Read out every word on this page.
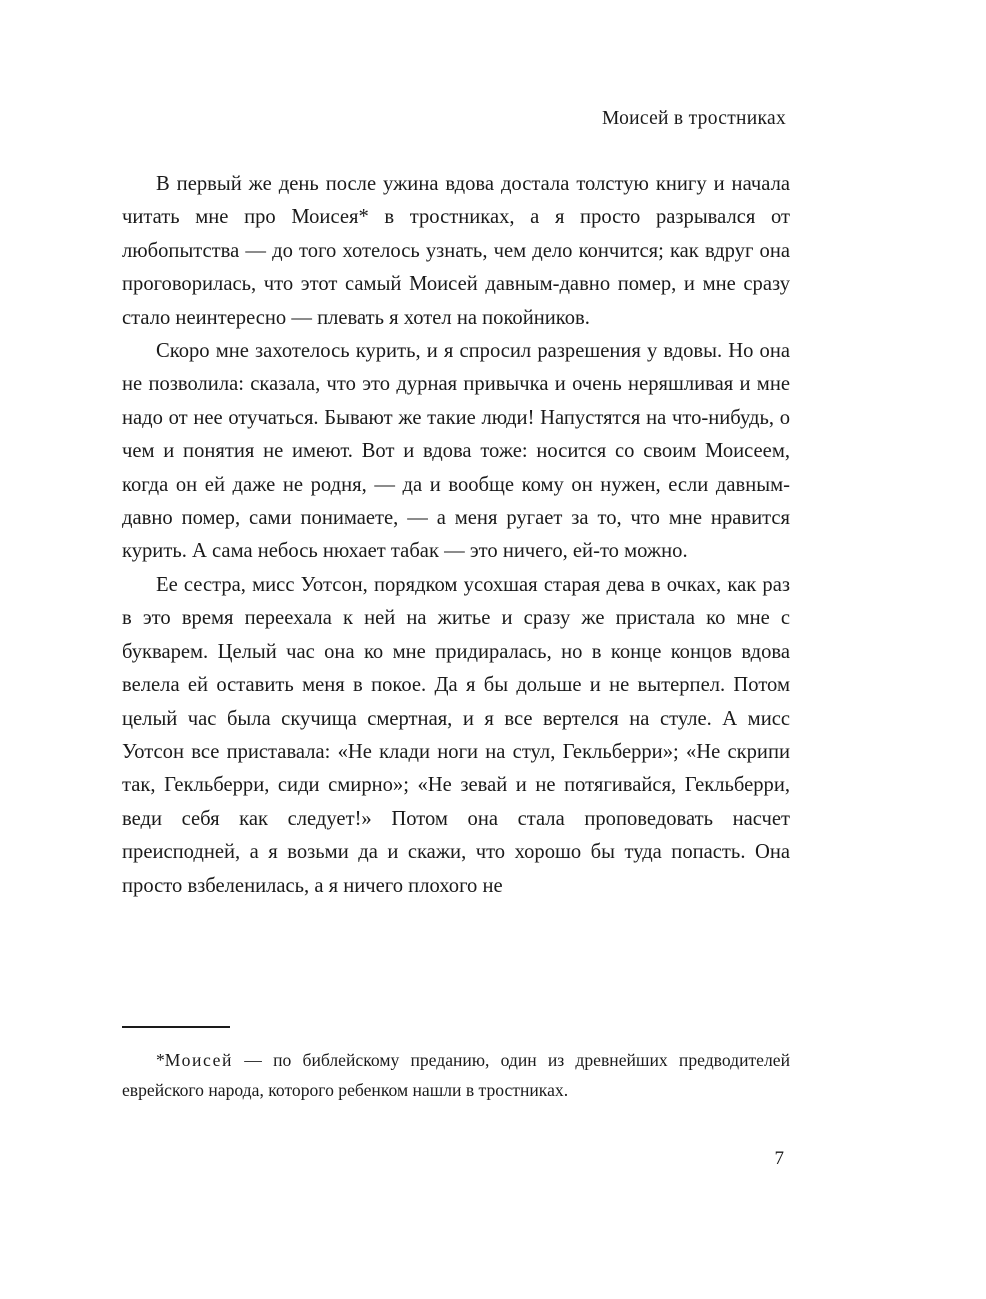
Моисей в тростниках

В первый же день после ужина вдова достала толстую книгу и начала читать мне про Моисея* в тростниках, а я просто разрывался от любопытства — до того хотелось узнать, чем дело кончится; как вдруг она проговорилась, что этот самый Моисей давным-давно помер, и мне сразу стало неинтересно — плевать я хотел на покойников.

Скоро мне захотелось курить, и я спросил разрешения у вдовы. Но она не позволила: сказала, что это дурная привычка и очень неряшливая и мне надо от нее отучаться. Бывают же такие люди! Напустятся на что-нибудь, о чем и понятия не имеют. Вот и вдова тоже: носится со своим Моисеем, когда он ей даже не родня, — да и вообще кому он нужен, если давным-давно помер, сами понимаете, — а меня ругает за то, что мне нравится курить. А сама небось нюхает табак — это ничего, ей-то можно.

Ее сестра, мисс Уотсон, порядком усохшая старая дева в очках, как раз в это время переехала к ней на житье и сразу же пристала ко мне с букварем. Целый час она ко мне придиралась, но в конце концов вдова велела ей оставить меня в покое. Да я бы дольше и не вытерпел. Потом целый час была скучища смертная, и я все вертелся на стуле. А мисс Уотсон все приставала: «Не клади ноги на стул, Гекльберри»; «Не скрипи так, Гекльберри, сиди смирно»; «Не зевай и не потягивайся, Гекльберри, веди себя как следует!» Потом она стала проповедовать насчет преисподней, а я возьми да и скажи, что хорошо бы туда попасть. Она просто взбеленилась, а я ничего плохого не

*Моисей — по библейскому преданию, один из древнейших предводителей еврейского народа, которого ребенком нашли в тростниках.

7
